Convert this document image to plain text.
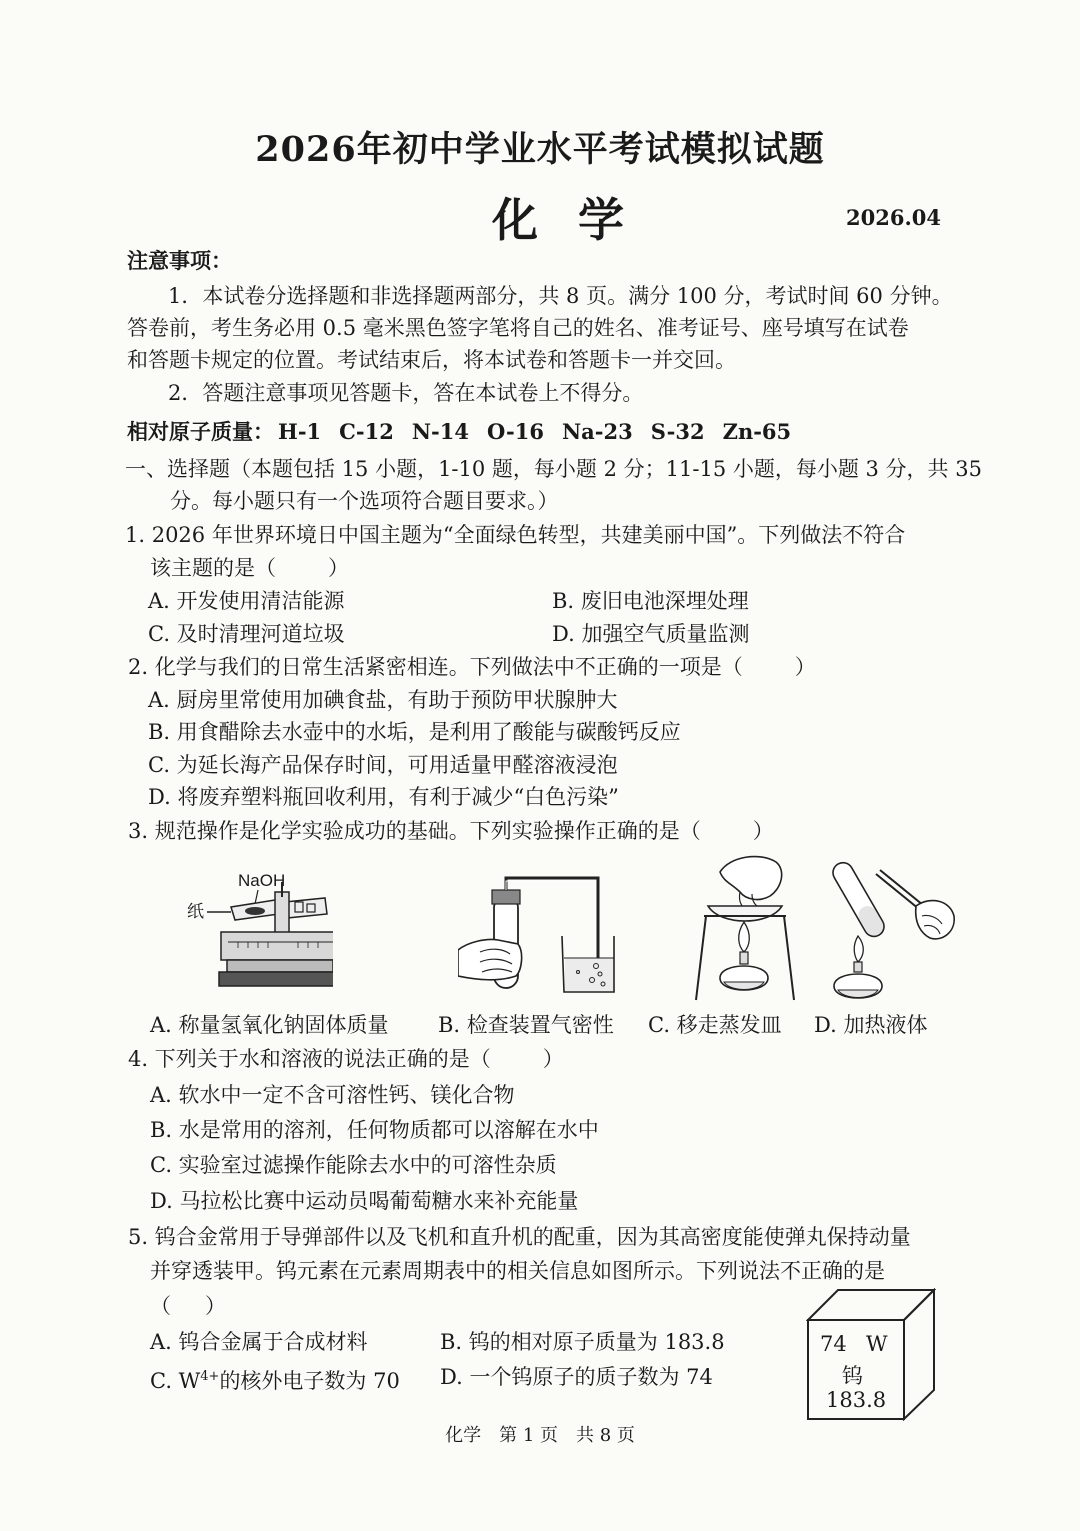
2026年初中学业水平考试模拟试题
化学	2026.04
注意事项：
1．本试卷分选择题和非选择题两部分，共 8 页。满分 100 分，考试时间 60 分钟。
答卷前，考生务必用 0.5 毫米黑色签字笔将自己的姓名、准考证号、座号填写在试卷
和答题卡规定的位置。考试结束后，将本试卷和答题卡一并交回。
2．答题注意事项见答题卡，答在本试卷上不得分。
相对原子质量： H-1 C-12 N-14 O-16 Na-23 S-32 Zn-65
一、选择题（本题包括 15 小题，1-10 题，每小题 2 分；11-15 小题，每小题 3 分，共 35
分。每小题只有一个选项符合题目要求。）
1. 2026 年世界环境日中国主题为“全面绿色转型，共建美丽中国”。下列做法不符合
该主题的是（ ）
A. 开发使用清洁能源	B. 废旧电池深埋处理
C. 及时清理河道垃圾	D. 加强空气质量监测
2. 化学与我们的日常生活紧密相连。下列做法中不正确的一项是（ ）
A. 厨房里常使用加碘食盐，有助于预防甲状腺肿大
B. 用食醋除去水壶中的水垢，是利用了酸能与碳酸钙反应
C. 为延长海产品保存时间，可用适量甲醛溶液浸泡
D. 将废弃塑料瓶回收利用，有利于减少“白色污染”
3. 规范操作是化学实验成功的基础。下列实验操作正确的是（ ）
NaOH
纸
A. 称量氢氧化钠固体质量 B. 检查装置气密性 C. 移走蒸发皿 D. 加热液体
4. 下列关于水和溶液的说法正确的是（ ）
A. 软水中一定不含可溶性钙、镁化合物
B. 水是常用的溶剂，任何物质都可以溶解在水中
C. 实验室过滤操作能除去水中的可溶性杂质
D. 马拉松比赛中运动员喝葡萄糖水来补充能量
5. 钨合金常用于导弹部件以及飞机和直升机的配重，因为其高密度能使弹丸保持动量
并穿透装甲。钨元素在元素周期表中的相关信息如图所示。下列说法不正确的是
（ ）
A. 钨合金属于合成材料	B. 钨的相对原子质量为 183.8
C. $W^{4+}$的核外电子数为 70 D. 一个钨原子的质子数为 74
74 W
钨
183.8
化学　第 1 页　共 8 页
